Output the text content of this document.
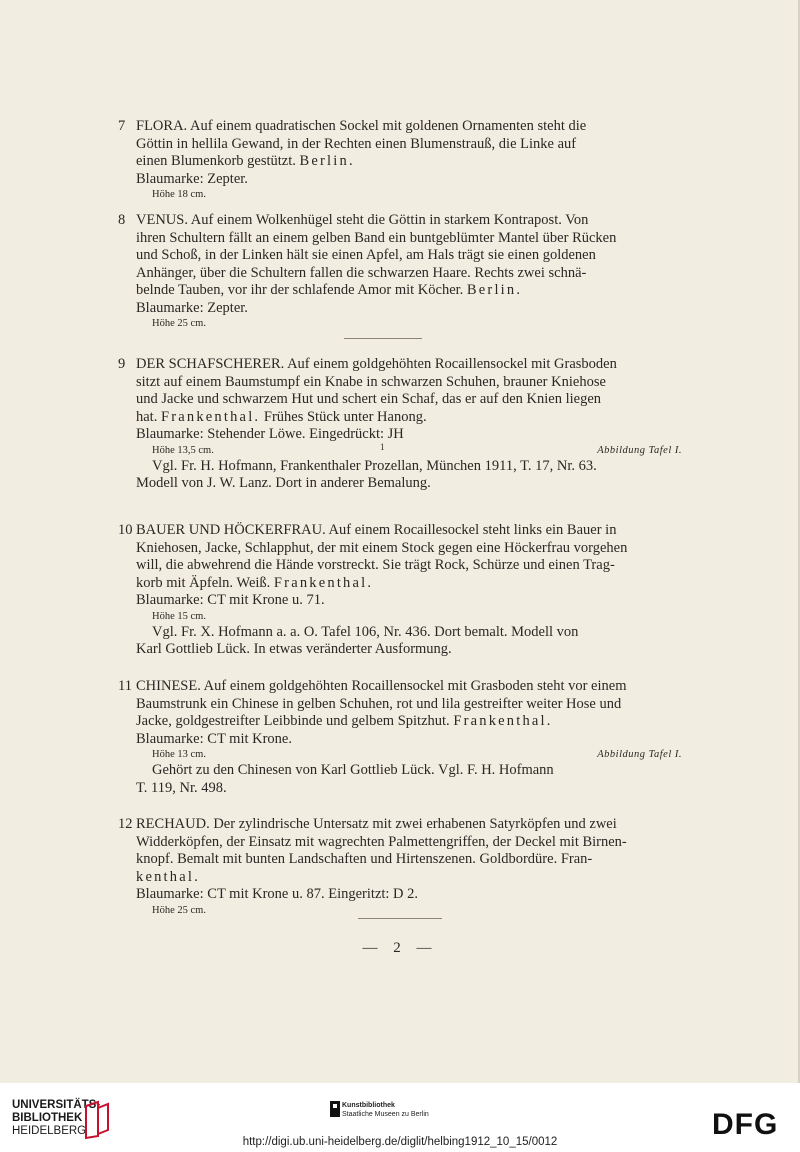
7 FLORA. Auf einem quadratischen Sockel mit goldenen Ornamenten steht die
Göttin in hellila Gewand, in der Rechten einen Blumenstrauß, die Linke auf
einen Blumenkorb gestützt. Berlin.
Blaumarke: Zepter.
Höhe 18 cm.
8 VENUS. Auf einem Wolkenhügel steht die Göttin in starkem Kontrapost. Von
ihren Schultern fällt an einem gelben Band ein buntgeblümter Mantel über Rücken
und Schoß, in der Linken hält sie einen Apfel, am Hals trägt sie einen goldenen
Anhänger, über die Schultern fallen die schwarzen Haare. Rechts zwei schnä-
belnde Tauben, vor ihr der schlafende Amor mit Köcher. Berlin.
Blaumarke: Zepter.
Höhe 25 cm.
9 DER SCHAFSCHERER. Auf einem goldgehöhten Rocaillensockel mit Grasboden
sitzt auf einem Baumstumpf ein Knabe in schwarzen Schuhen, brauner Kniehose
und Jacke und schwarzem Hut und schert ein Schaf, das er auf den Knien liegen
hat. Frankenthal. Frühes Stück unter Hanong.
Blaumarke: Stehender Löwe. Eingedrückt: JH
Höhe 13,5 cm.	1	Abbildung Tafel I.
Vgl. Fr. H. Hofmann, Frankenthaler Prozellan, München 1911, T. 17, Nr. 63.
Modell von J. W. Lanz. Dort in anderer Bemalung.
10 BAUER UND HÖCKERFRAU. Auf einem Rocaillesockel steht links ein Bauer in
Kniehosen, Jacke, Schlapphut, der mit einem Stock gegen eine Höckerfrau vorgehen
will, die abwehrend die Hände vorstreckt. Sie trägt Rock, Schürze und einen Trag-
korb mit Äpfeln. Weiß. Frankenthal.
Blaumarke: CT mit Krone u. 71.
Höhe 15 cm.
Vgl. Fr. X. Hofmann a. a. O. Tafel 106, Nr. 436. Dort bemalt. Modell von
Karl Gottlieb Lück. In etwas veränderter Ausformung.
11 CHINESE. Auf einem goldgehöhten Rocaillensockel mit Grasboden steht vor einem
Baumstrunk ein Chinese in gelben Schuhen, rot und lila gestreifter weiter Hose und
Jacke, goldgestreifter Leibbinde und gelbem Spitzhut. Frankenthal.
Blaumarke: CT mit Krone.
Höhe 13 cm.	Abbildung Tafel I.
Gehört zu den Chinesen von Karl Gottlieb Lück. Vgl. F. H. Hofmann
T. 119, Nr. 498.
12 RECHAUD. Der zylindrische Untersatz mit zwei erhabenen Satyrköpfen und zwei
Widderköpfen, der Einsatz mit wagrechten Palmettengriffen, der Deckel mit Birnen-
knopf. Bemalt mit bunten Landschaften und Hirtenszenen. Goldbordüre. Fran-
kenthal.
Blaumarke: CT mit Krone u. 87. Eingeritzt: D 2.
Höhe 25 cm.
— 2 —
UNIVERSITÄTS-
BIBLIOTHEK
HEIDELBERG
Kunstbibliothek
Staatliche Museen zu Berlin	DFG
http://digi.ub.uni-heidelberg.de/diglit/helbing1912_10_15/0012
